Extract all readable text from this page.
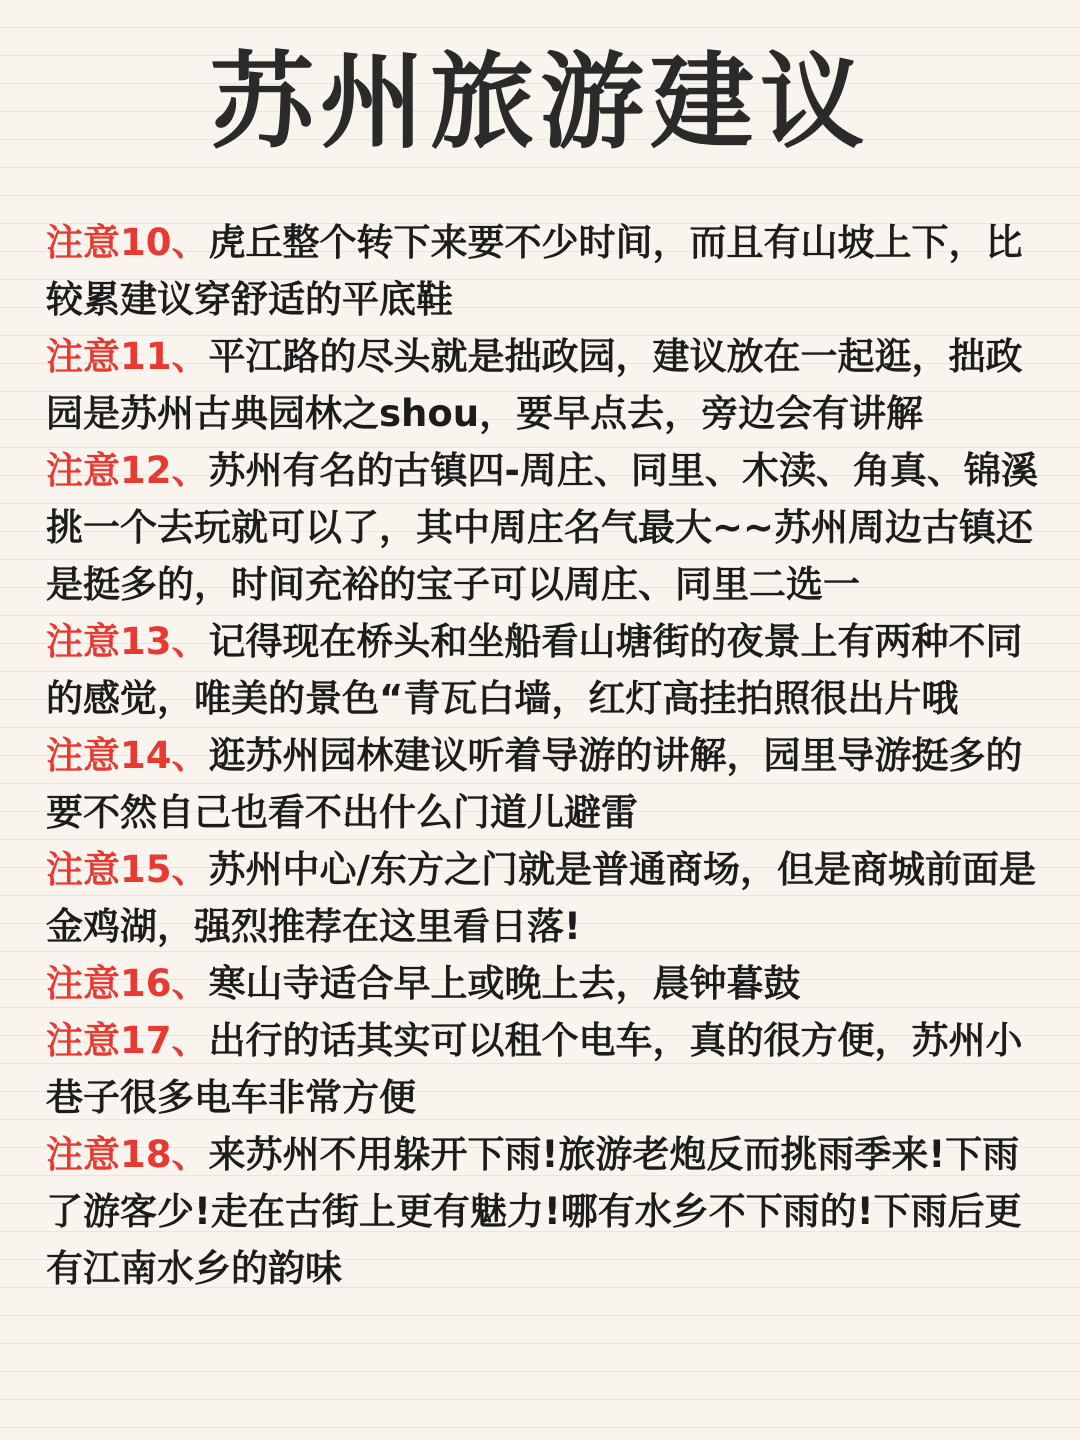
苏州旅游建议

注意10、虎丘整个转下来要不少时间，而且有山坡上下，比较累建议穿舒适的平底鞋

注意11、平江路的尽头就是拙政园，建议放在一起逛，拙政园是苏州古典园林之shou，要早点去，旁边会有讲解

注意12、苏州有名的古镇四-周庄、同里、木渎、角真、锦溪挑一个去玩就可以了，其中周庄名气最大~~苏州周边古镇还是挺多的，时间充裕的宝子可以周庄、同里二选一

注意13、记得现在桥头和坐船看山塘街的夜景上有两种不同的感觉，唯美的景色“青瓦白墙，红灯高挂拍照很出片哦

注意14、逛苏州园林建议听着导游的讲解，园里导游挺多的要不然自己也看不出什么门道儿避雷

注意15、苏州中心/东方之门就是普通商场，但是商城前面是金鸡湖，强烈推荐在这里看日落!

注意16、寒山寺适合早上或晚上去，晨钟暮鼓

注意17、出行的话其实可以租个电车，真的很方便，苏州小巷子很多电车非常方便

注意18、来苏州不用躲开下雨!旅游老炮反而挑雨季来!下雨了游客少!走在古街上更有魅力!哪有水乡不下雨的!下雨后更有江南水乡的韵味
